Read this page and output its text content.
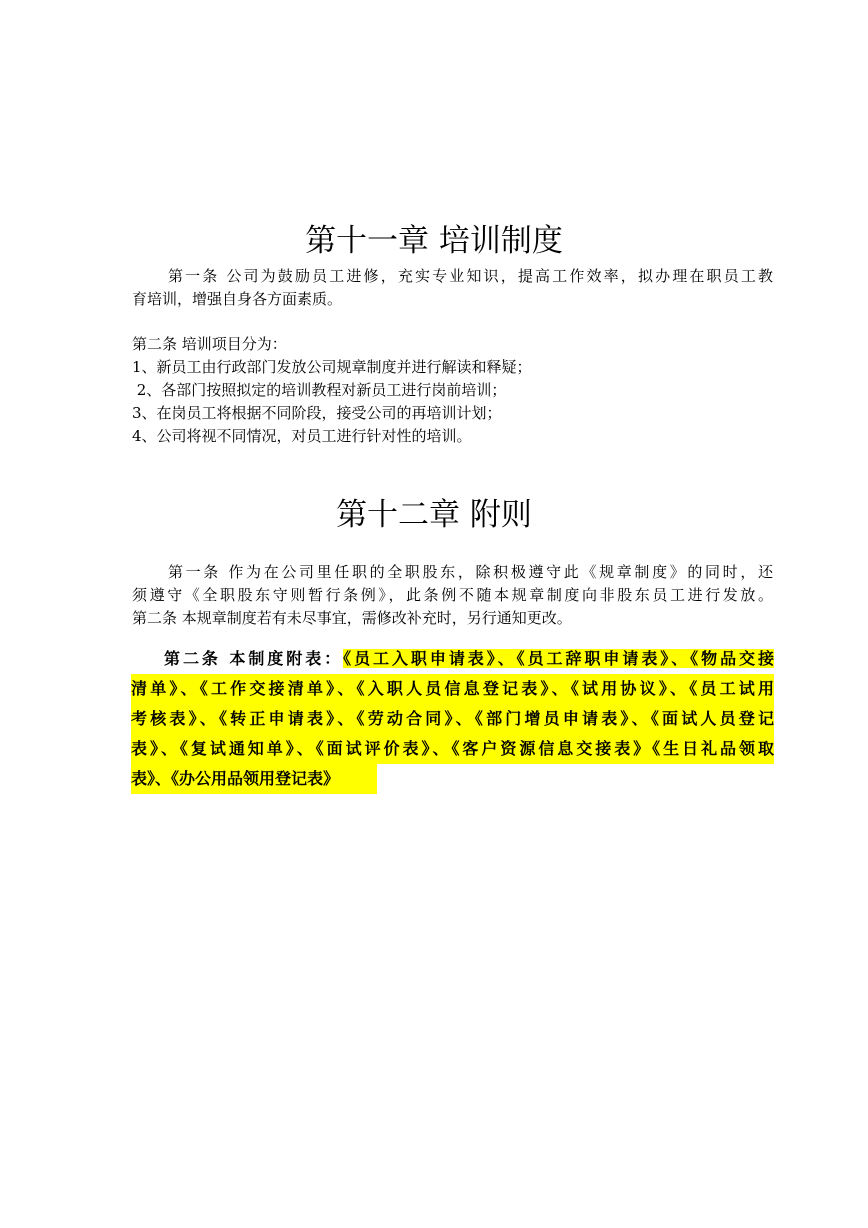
第十一章 培训制度

第一条 公司为鼓励员工进修，充实专业知识，提高工作效率，拟办理在职员工教

育培训，增强自身各方面素质。

第二条 培训项目分为：

1、新员工由行政部门发放公司规章制度并进行解读和释疑；

2、各部门按照拟定的培训教程对新员工进行岗前培训；

3、在岗员工将根据不同阶段，接受公司的再培训计划；

4、公司将视不同情况，对员工进行针对性的培训。

第十二章 附则

第一条 作为在公司里任职的全职股东，除积极遵守此《规章制度》的同时，还

须遵守《全职股东守则暂行条例》，此条例不随本规章制度向非股东员工进行发放。

第二条 本规章制度若有未尽事宜，需修改补充时，另行通知更改。

第二条 本制度附表：《员工入职申请表》、《员工辞职申请表》、《物品交接
清单》、《工作交接清单》、《入职人员信息登记表》、《试用协议》、《员工试用
考核表》、《转正申请表》、《劳动合同》、《部门增员申请表》、《面试人员登记
表》、《复试通知单》、《面试评价表》、《客户资源信息交接表》《生日礼品领取
表》、《办公用品领用登记表》
